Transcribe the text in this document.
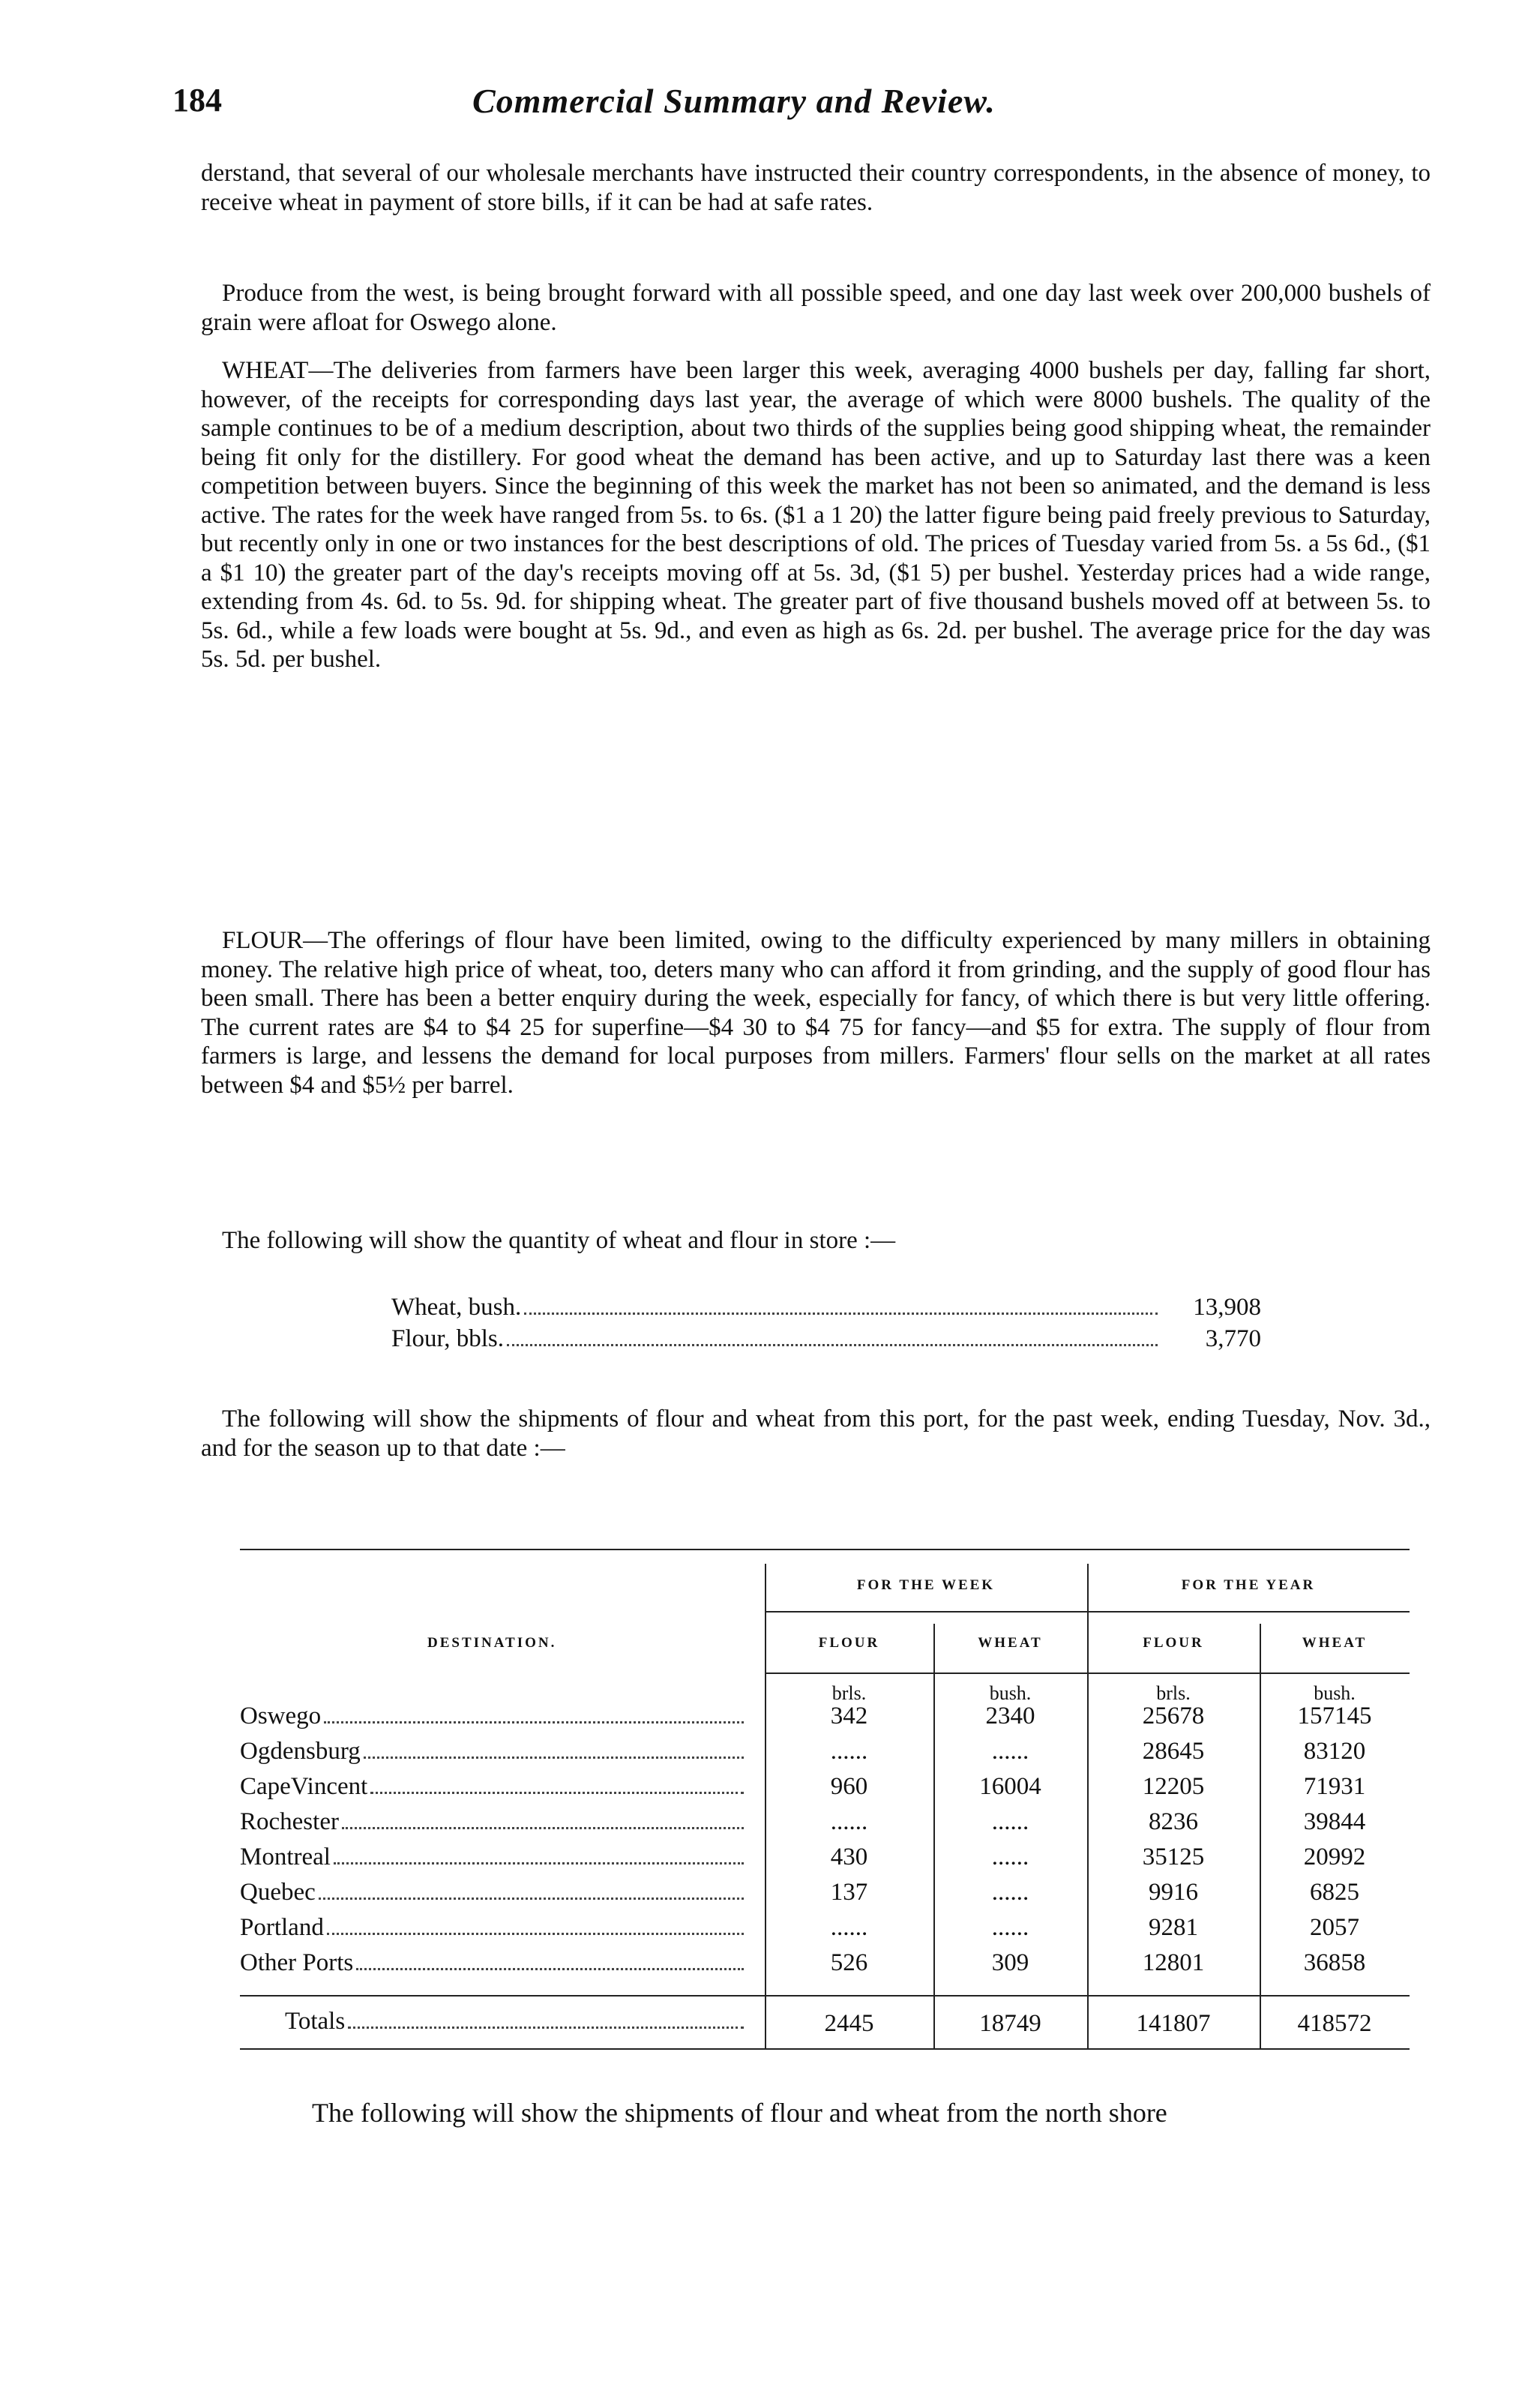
184	Commercial Summary and Review.

derstand, that several of our wholesale merchants have instructed their country correspondents, in the absence of money, to receive wheat in payment of store bills, if it can be had at safe rates.

Produce from the west, is being brought forward with all possible speed, and one day last week over 200,000 bushels of grain were afloat for Oswego alone.

WHEAT—The deliveries from farmers have been larger this week, averaging 4000 bushels per day, falling far short, however, of the receipts for corresponding days last year, the average of which were 8000 bushels. The quality of the sample continues to be of a medium description, about two thirds of the supplies being good shipping wheat, the remainder being fit only for the distillery. For good wheat the demand has been active, and up to Saturday last there was a keen competition between buyers. Since the beginning of this week the market has not been so animated, and the demand is less active. The rates for the week have ranged from 5s. to 6s. ($1 a 1 20) the latter figure being paid freely previous to Saturday, but recently only in one or two instances for the best descriptions of old. The prices of Tuesday varied from 5s. a 5s 6d., ($1 a $1 10) the greater part of the day's receipts moving off at 5s. 3d, ($1 5) per bushel. Yesterday prices had a wide range, extending from 4s. 6d. to 5s. 9d. for shipping wheat. The greater part of five thousand bushels moved off at between 5s. to 5s. 6d., while a few loads were bought at 5s. 9d., and even as high as 6s. 2d. per bushel. The average price for the day was 5s. 5d. per bushel.

FLOUR—The offerings of flour have been limited, owing to the difficulty experienced by many millers in obtaining money. The relative high price of wheat, too, deters many who can afford it from grinding, and the supply of good flour has been small. There has been a better enquiry during the week, especially for fancy, of which there is but very little offering. The current rates are $4 to $4 25 for superfine—$4 30 to $4 75 for fancy—and $5 for extra. The supply of flour from farmers is large, and lessens the demand for local purposes from millers. Farmers' flour sells on the market at all rates between $4 and $5½ per barrel.

The following will show the quantity of wheat and flour in store :—

Wheat, bush.	13,908
Flour, bbls.	3,770

The following will show the shipments of flour and wheat from this port, for the past week, ending Tuesday, Nov. 3d., and for the season up to that date :—

DESTINATION.
FOR THE WEEK	FOR THE YEAR
FLOUR	WHEAT	FLOUR	WHEAT
brls.	bush.	brls.	bush.
Oswego	342	2340	25678	157145
Ogdensburg	......	......	28645	83120
CapeVincent	960	16004	12205	71931
Rochester	......	......	8236	39844
Montreal	430	......	35125	20992
Quebec	137	......	9916	6825
Portland	......	......	9281	2057
Other Ports	526	309	12801	36858
Totals	2445	18749	141807	418572

The following will show the shipments of flour and wheat from the north shore
